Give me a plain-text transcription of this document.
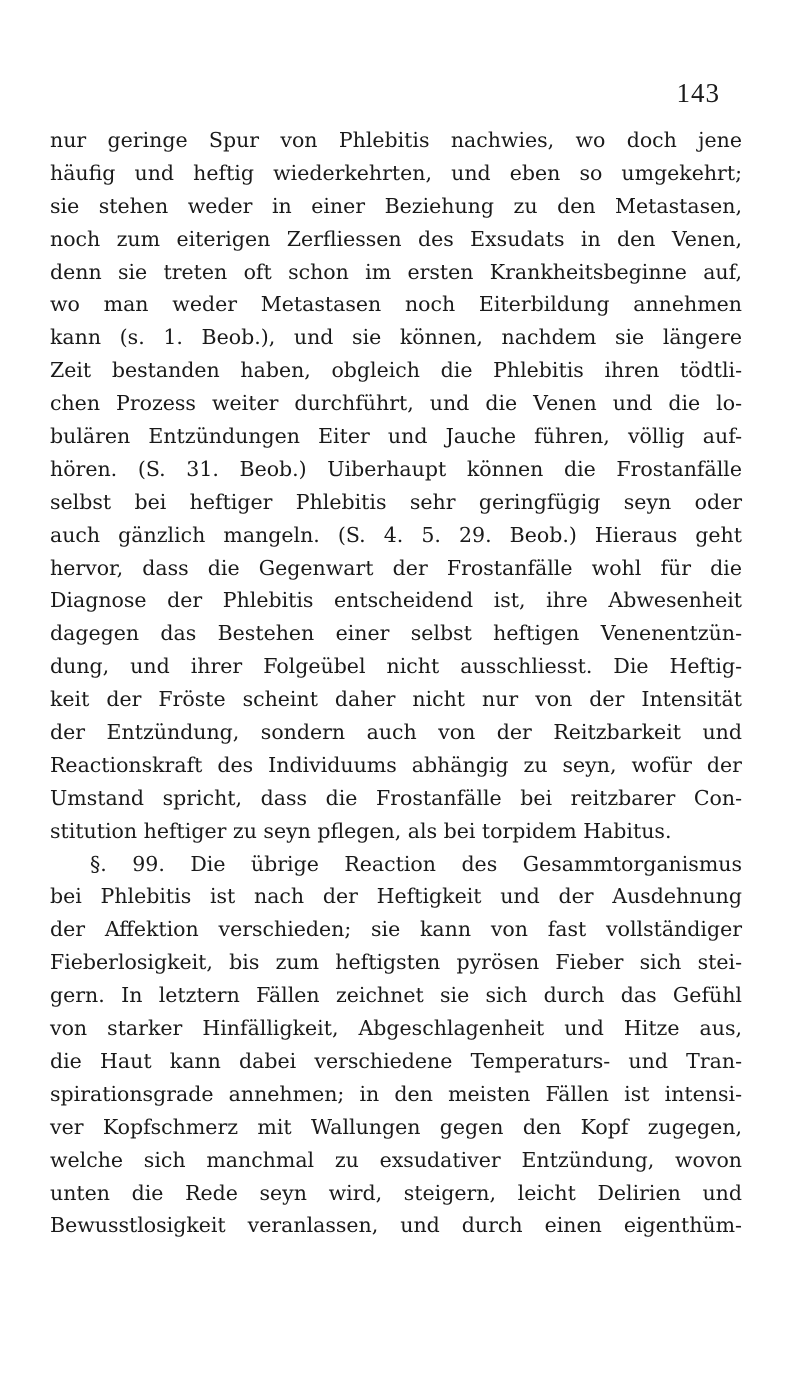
143
nur geringe Spur von Phlebitis nachwies, wo doch jene
häufig und heftig wiederkehrten, und eben so umgekehrt;
sie stehen weder in einer Beziehung zu den Metastasen,
noch zum eiterigen Zerfliessen des Exsudats in den Venen,
denn sie treten oft schon im ersten Krankheitsbeginne auf,
wo man weder Metastasen noch Eiterbildung annehmen
kann (s. 1. Beob.), und sie können, nachdem sie längere
Zeit bestanden haben, obgleich die Phlebitis ihren tödtli-
chen Prozess weiter durchführt, und die Venen und die lo-
bulären Entzündungen Eiter und Jauche führen, völlig auf-
hören. (S. 31. Beob.) Uiberhaupt können die Frostanfälle
selbst bei heftiger Phlebitis sehr geringfügig seyn oder
auch gänzlich mangeln. (S. 4. 5. 29. Beob.) Hieraus geht
hervor, dass die Gegenwart der Frostanfälle wohl für die
Diagnose der Phlebitis entscheidend ist, ihre Abwesenheit
dagegen das Bestehen einer selbst heftigen Venenentzün-
dung, und ihrer Folgeübel nicht ausschliesst. Die Heftig-
keit der Fröste scheint daher nicht nur von der Intensität
der Entzündung, sondern auch von der Reitzbarkeit und
Reactionskraft des Individuums abhängig zu seyn, wofür der
Umstand spricht, dass die Frostanfälle bei reitzbarer Con-
stitution heftiger zu seyn pflegen, als bei torpidem Habitus.
§. 99. Die übrige Reaction des Gesammtorganismus
bei Phlebitis ist nach der Heftigkeit und der Ausdehnung
der Affektion verschieden; sie kann von fast vollständiger
Fieberlosigkeit, bis zum heftigsten pyrösen Fieber sich stei-
gern. In letztern Fällen zeichnet sie sich durch das Gefühl
von starker Hinfälligkeit, Abgeschlagenheit und Hitze aus,
die Haut kann dabei verschiedene Temperaturs- und Tran-
spirationsgrade annehmen; in den meisten Fällen ist intensi-
ver Kopfschmerz mit Wallungen gegen den Kopf zugegen,
welche sich manchmal zu exsudativer Entzündung, wovon
unten die Rede seyn wird, steigern, leicht Delirien und
Bewusstlosigkeit veranlassen, und durch einen eigenthüm-
